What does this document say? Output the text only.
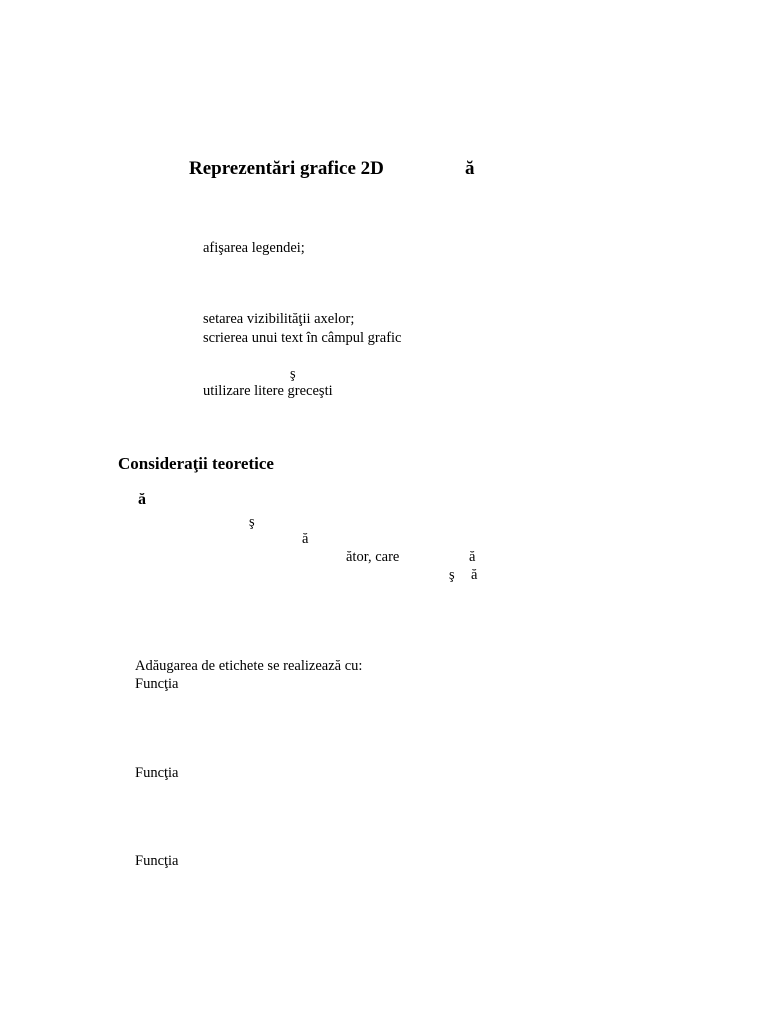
Reprezentări grafice 2D	ă
afişarea legendei;
setarea vizibilităţii axelor;
scrierea unui text în câmpul grafic
ş
utilizare litere greceşti
Consideraţii teoretice
ă
ş
ă
ător, care	ă
ş ă
Adăugarea de etichete se realizează cu:
Funcţia
Funcţia
Funcţia
